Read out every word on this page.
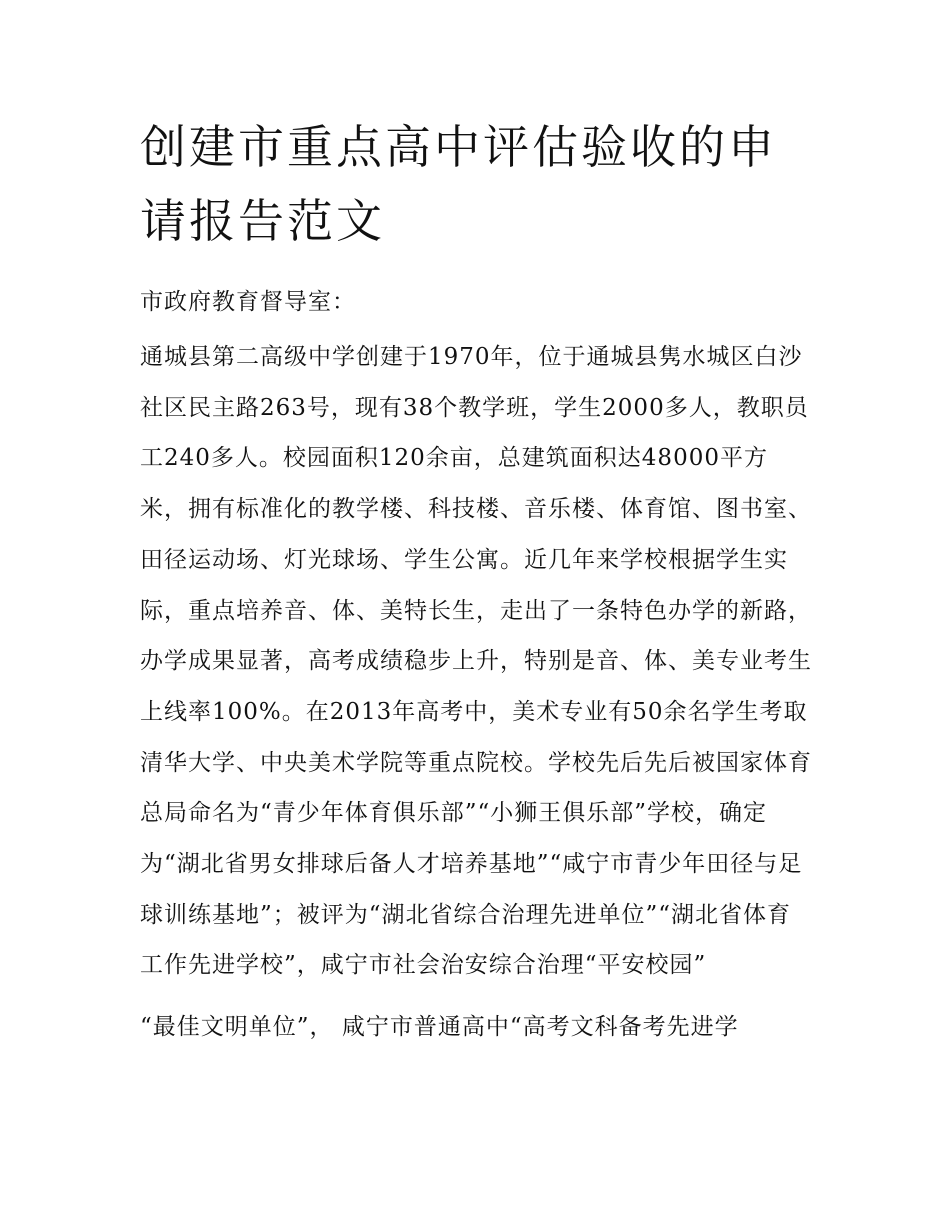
创建市重点高中评估验收的申请报告范文

市政府教育督导室：

通城县第二高级中学创建于1970年，位于通城县隽水城区白沙社区民主路263号，现有38个教学班，学生2000多人，教职员工240多人。校园面积120余亩，总建筑面积达48000平方米，拥有标准化的教学楼、科技楼、音乐楼、体育馆、图书室、田径运动场、灯光球场、学生公寓。近几年来学校根据学生实际，重点培养音、体、美特长生，走出了一条特色办学的新路，办学成果显著，高考成绩稳步上升，特别是音、体、美专业考生上线率100%。在2013年高考中，美术专业有50余名学生考取清华大学、中央美术学院等重点院校。学校先后先后被国家体育总局命名为“青少年体育俱乐部”“小狮王俱乐部”学校，确定为“湖北省男女排球后备人才培养基地”“咸宁市青少年田径与足球训练基地”；被评为“湖北省综合治理先进单位”“湖北省体育工作先进学校”，咸宁市社会治安综合治理“平安校园”

“最佳文明单位”， 咸宁市普通高中“高考文科备考先进学
